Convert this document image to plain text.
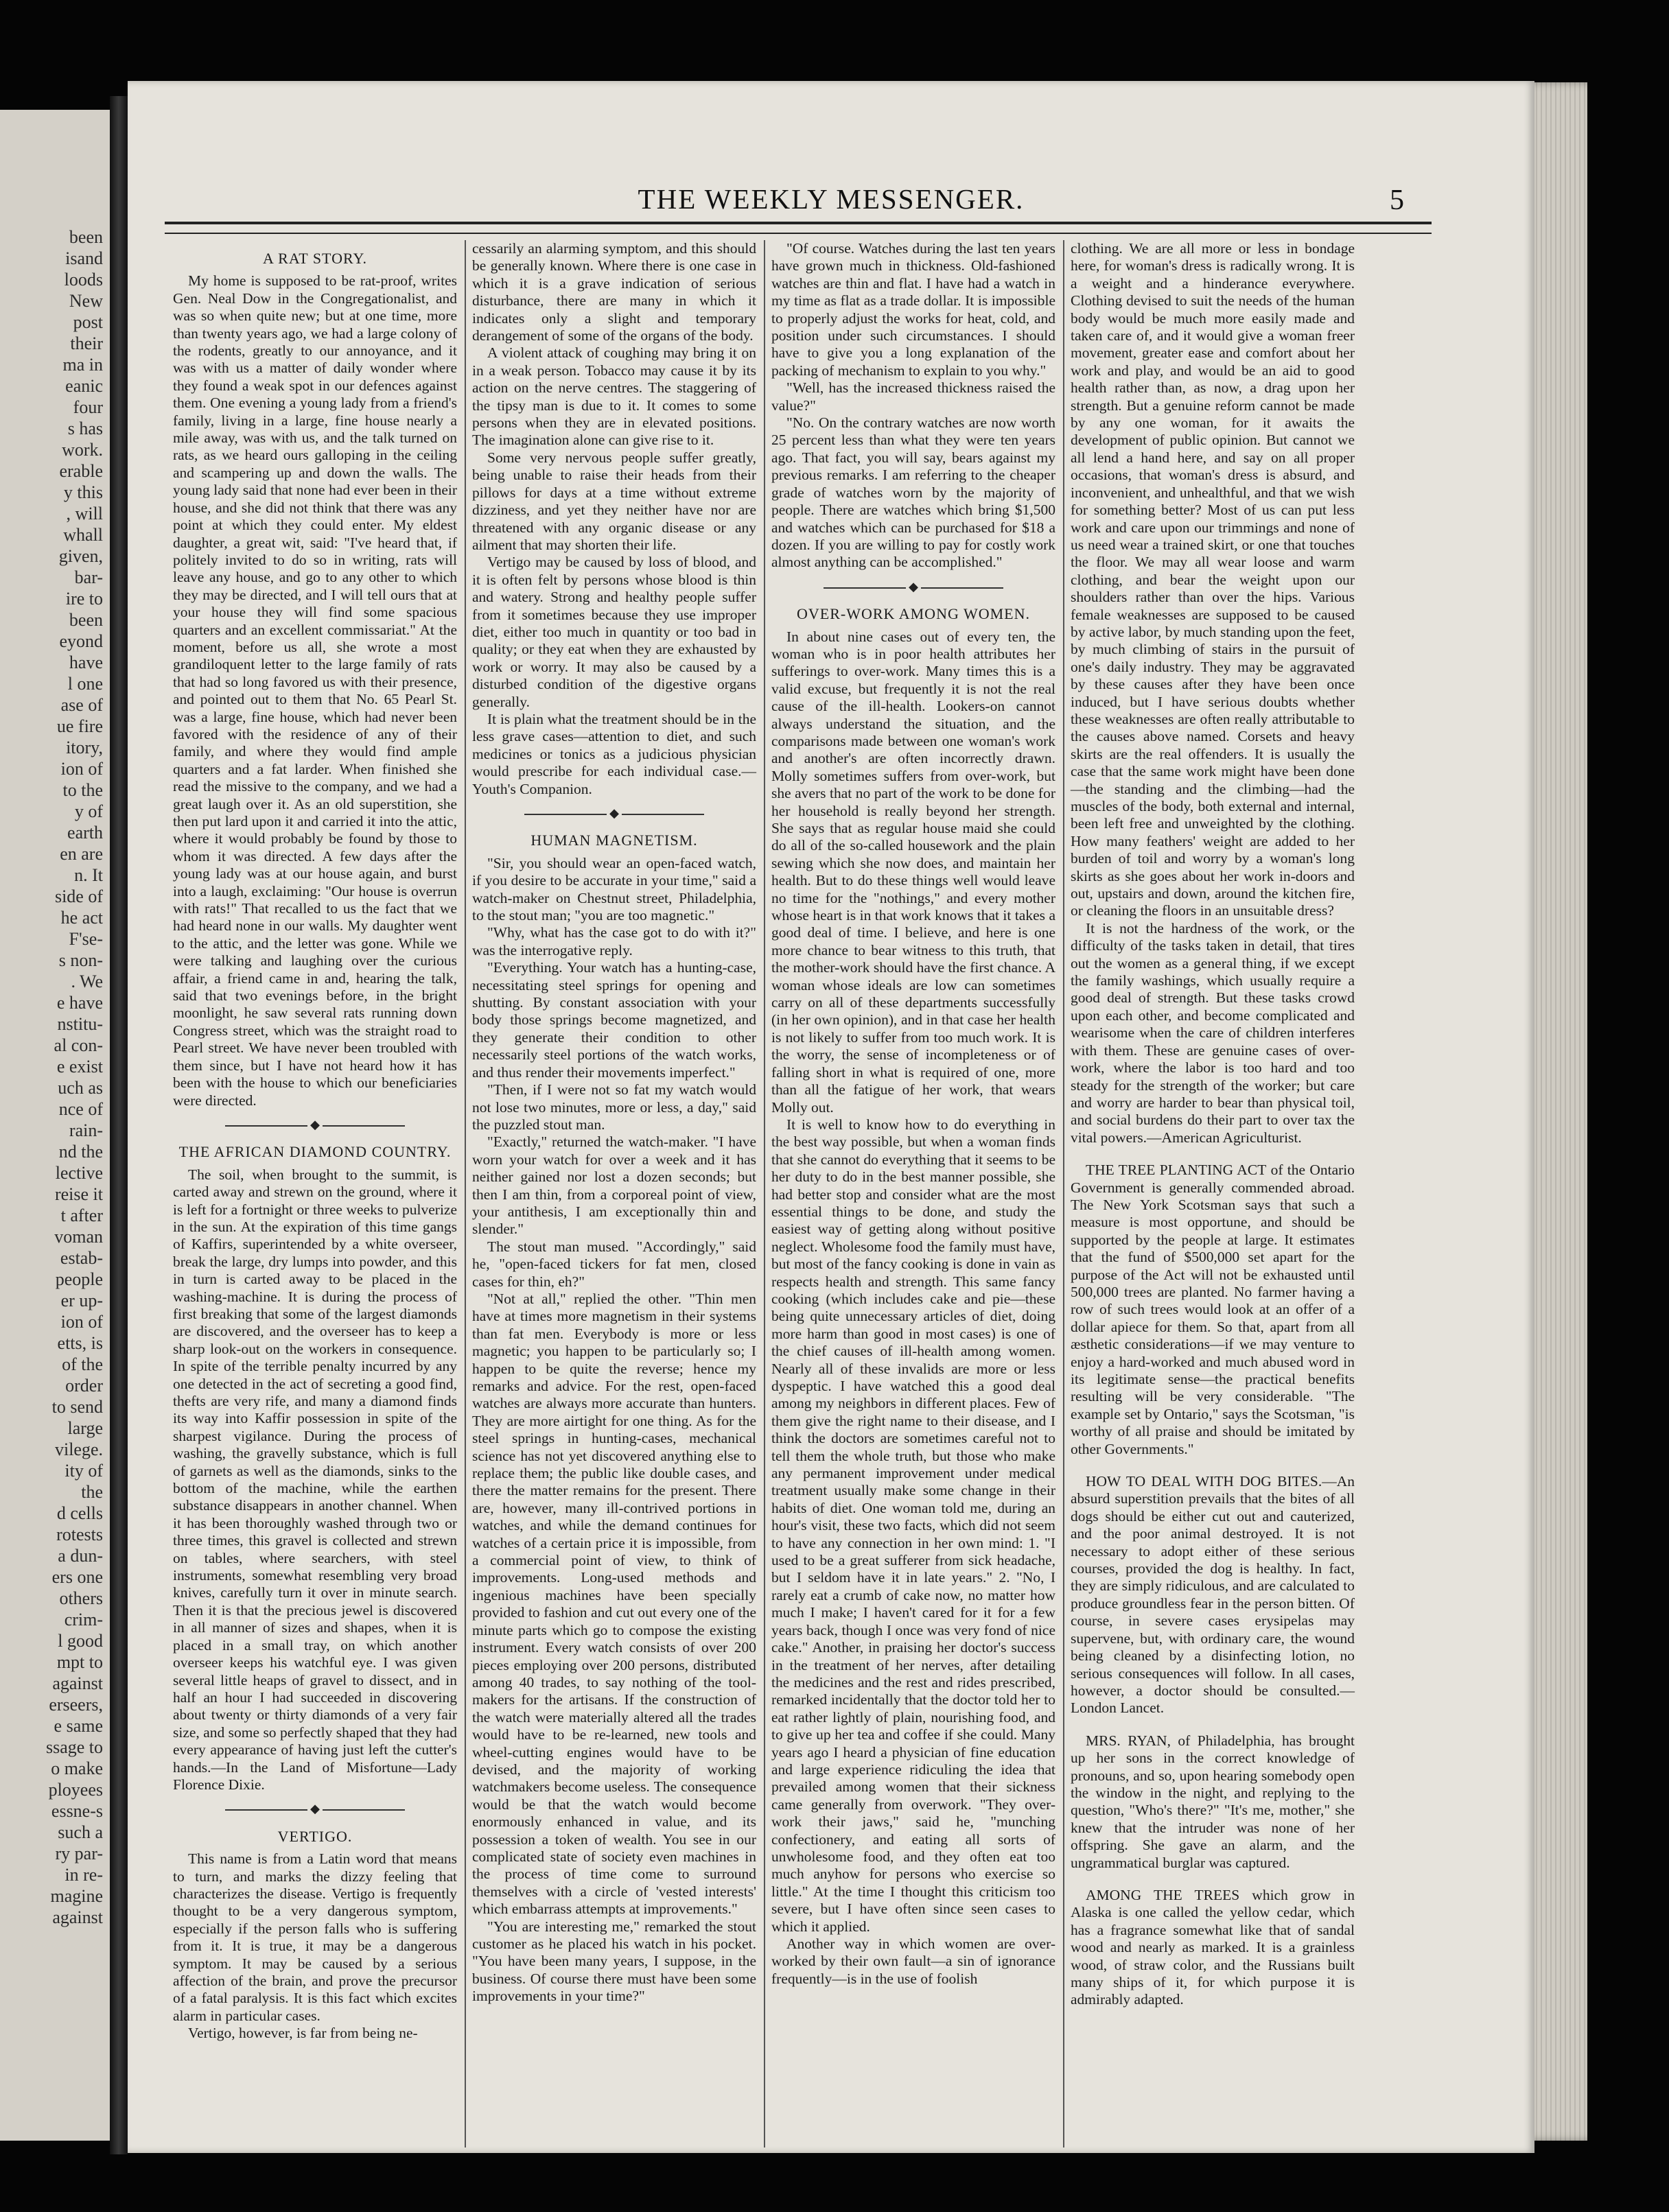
been
isand
loods
New
post
their
ma in
eanic
four
s has
work.
erable
y this
, will
whall
given,
bar-
ire to
been
eyond
have
l one
ase of
ue fire
itory,
ion of
to the
y of
earth
en are
n. It
side of
he act
F'se-
s non-
. We
e have
nstitu-
al con-
e exist
uch as
nce of
rain-
nd the
lective
reise it
t after
voman
estab-
people
er up-
ion of
etts, is
of the
order
to send
large
vilege.
ity of
the
d cells
rotests
a dun-
ers one
others
crim-
l good
mpt to
against
erseers,
e same
ssage to
o make
ployees
essne-s
such a
ry par-
in re-
magine
against
THE WEEKLY MESSENGER.	5
A RAT STORY.

My home is supposed to be rat-proof, writes Gen. Neal Dow in the Congregationalist, and was so when quite new; but at one time, more than twenty years ago, we had a large colony of the rodents, greatly to our annoyance, and it was with us a matter of daily wonder where they found a weak spot in our defences against them. One evening a young lady from a friend's family, living in a large, fine house nearly a mile away, was with us, and the talk turned on rats, as we heard ours galloping in the ceiling and scampering up and down the walls. The young lady said that none had ever been in their house, and she did not think that there was any point at which they could enter. My eldest daughter, a great wit, said: "I've heard that, if politely invited to do so in writing, rats will leave any house, and go to any other to which they may be directed, and I will tell ours that at your house they will find some spacious quarters and an excellent commissariat." At the moment, before us all, she wrote a most grandiloquent letter to the large family of rats that had so long favored us with their presence, and pointed out to them that No. 65 Pearl St. was a large, fine house, which had never been favored with the residence of any of their family, and where they would find ample quarters and a fat larder. When finished she read the missive to the company, and we had a great laugh over it. As an old superstition, she then put lard upon it and carried it into the attic, where it would probably be found by those to whom it was directed. A few days after the young lady was at our house again, and burst into a laugh, exclaiming: "Our house is overrun with rats!" That recalled to us the fact that we had heard none in our walls. My daughter went to the attic, and the letter was gone. While we were talking and laughing over the curious affair, a friend came in and, hearing the talk, said that two evenings before, in the bright moonlight, he saw several rats running down Congress street, which was the straight road to Pearl street. We have never been troubled with them since, but I have not heard how it has been with the house to which our beneficiaries were directed.

◆
THE AFRICAN DIAMOND COUNTRY.

The soil, when brought to the summit, is carted away and strewn on the ground, where it is left for a fortnight or three weeks to pulverize in the sun. At the expiration of this time gangs of Kaffirs, superintended by a white overseer, break the large, dry lumps into powder, and this in turn is carted away to be placed in the washing-machine. It is during the process of first breaking that some of the largest diamonds are discovered, and the overseer has to keep a sharp look-out on the workers in consequence. In spite of the terrible penalty incurred by any one detected in the act of secreting a good find, thefts are very rife, and many a diamond finds its way into Kaffir possession in spite of the sharpest vigilance. During the process of washing, the gravelly substance, which is full of garnets as well as the diamonds, sinks to the bottom of the machine, while the earthen substance disappears in another channel. When it has been thoroughly washed through two or three times, this gravel is collected and strewn on tables, where searchers, with steel instruments, somewhat resembling very broad knives, carefully turn it over in minute search. Then it is that the precious jewel is discovered in all manner of sizes and shapes, when it is placed in a small tray, on which another overseer keeps his watchful eye. I was given several little heaps of gravel to dissect, and in half an hour I had succeeded in discovering about twenty or thirty diamonds of a very fair size, and some so perfectly shaped that they had every appearance of having just left the cutter's hands.—In the Land of Misfortune—Lady Florence Dixie.

◆
VERTIGO.

This name is from a Latin word that means to turn, and marks the dizzy feeling that characterizes the disease. Vertigo is frequently thought to be a very dangerous symptom, especially if the person falls who is suffering from it. It is true, it may be a dangerous symptom. It may be caused by a serious affection of the brain, and prove the precursor of a fatal paralysis. It is this fact which excites alarm in particular cases.

Vertigo, however, is far from being ne-

cessarily an alarming symptom, and this should be generally known. Where there is one case in which it is a grave indication of serious disturbance, there are many in which it indicates only a slight and temporary derangement of some of the organs of the body.

A violent attack of coughing may bring it on in a weak person. Tobacco may cause it by its action on the nerve centres. The staggering of the tipsy man is due to it. It comes to some persons when they are in elevated positions. The imagination alone can give rise to it.

Some very nervous people suffer greatly, being unable to raise their heads from their pillows for days at a time without extreme dizziness, and yet they neither have nor are threatened with any organic disease or any ailment that may shorten their life.

Vertigo may be caused by loss of blood, and it is often felt by persons whose blood is thin and watery. Strong and healthy people suffer from it sometimes because they use improper diet, either too much in quantity or too bad in quality; or they eat when they are exhausted by work or worry. It may also be caused by a disturbed condition of the digestive organs generally.

It is plain what the treatment should be in the less grave cases—attention to diet, and such medicines or tonics as a judicious physician would prescribe for each individual case.—Youth's Companion.

◆
HUMAN MAGNETISM.

"Sir, you should wear an open-faced watch, if you desire to be accurate in your time," said a watch-maker on Chestnut street, Philadelphia, to the stout man; "you are too magnetic."

"Why, what has the case got to do with it?" was the interrogative reply.

"Everything. Your watch has a hunting-case, necessitating steel springs for opening and shutting. By constant association with your body those springs become magnetized, and they generate their condition to other necessarily steel portions of the watch works, and thus render their movements imperfect."

"Then, if I were not so fat my watch would not lose two minutes, more or less, a day," said the puzzled stout man.

"Exactly," returned the watch-maker. "I have worn your watch for over a week and it has neither gained nor lost a dozen seconds; but then I am thin, from a corporeal point of view, your antithesis, I am exceptionally thin and slender."

The stout man mused. "Accordingly," said he, "open-faced tickers for fat men, closed cases for thin, eh?"

"Not at all," replied the other. "Thin men have at times more magnetism in their systems than fat men. Everybody is more or less magnetic; you happen to be particularly so; I happen to be quite the reverse; hence my remarks and advice. For the rest, open-faced watches are always more accurate than hunters. They are more airtight for one thing. As for the steel springs in hunting-cases, mechanical science has not yet discovered anything else to replace them; the public like double cases, and there the matter remains for the present. There are, however, many ill-contrived portions in watches, and while the demand continues for watches of a certain price it is impossible, from a commercial point of view, to think of improvements. Long-used methods and ingenious machines have been specially provided to fashion and cut out every one of the minute parts which go to compose the existing instrument. Every watch consists of over 200 pieces employing over 200 persons, distributed among 40 trades, to say nothing of the tool-makers for the artisans. If the construction of the watch were materially altered all the trades would have to be re-learned, new tools and wheel-cutting engines would have to be devised, and the majority of working watchmakers become useless. The consequence would be that the watch would become enormously enhanced in value, and its possession a token of wealth. You see in our complicated state of society even machines in the process of time come to surround themselves with a circle of 'vested interests' which embarrass attempts at improvements."

"You are interesting me," remarked the stout customer as he placed his watch in his pocket. "You have been many years, I suppose, in the business. Of course there must have been some improvements in your time?"

"Of course. Watches during the last ten years have grown much in thickness. Old-fashioned watches are thin and flat. I have had a watch in my time as flat as a trade dollar. It is impossible to properly adjust the works for heat, cold, and position under such circumstances. I should have to give you a long explanation of the packing of mechanism to explain to you why."

"Well, has the increased thickness raised the value?"

"No. On the contrary watches are now worth 25 percent less than what they were ten years ago. That fact, you will say, bears against my previous remarks. I am referring to the cheaper grade of watches worn by the majority of people. There are watches which bring $1,500 and watches which can be purchased for $18 a dozen. If you are willing to pay for costly work almost anything can be accomplished."

◆
OVER-WORK AMONG WOMEN.

In about nine cases out of every ten, the woman who is in poor health attributes her sufferings to over-work. Many times this is a valid excuse, but frequently it is not the real cause of the ill-health. Lookers-on cannot always understand the situation, and the comparisons made between one woman's work and another's are often incorrectly drawn. Molly sometimes suffers from over-work, but she avers that no part of the work to be done for her household is really beyond her strength. She says that as regular house maid she could do all of the so-called housework and the plain sewing which she now does, and maintain her health. But to do these things well would leave no time for the "nothings," and every mother whose heart is in that work knows that it takes a good deal of time. I believe, and here is one more chance to bear witness to this truth, that the mother-work should have the first chance. A woman whose ideals are low can sometimes carry on all of these departments successfully (in her own opinion), and in that case her health is not likely to suffer from too much work. It is the worry, the sense of incompleteness or of falling short in what is required of one, more than all the fatigue of her work, that wears Molly out.

It is well to know how to do everything in the best way possible, but when a woman finds that she cannot do everything that it seems to be her duty to do in the best manner possible, she had better stop and consider what are the most essential things to be done, and study the easiest way of getting along without positive neglect. Wholesome food the family must have, but most of the fancy cooking is done in vain as respects health and strength. This same fancy cooking (which includes cake and pie—these being quite unnecessary articles of diet, doing more harm than good in most cases) is one of the chief causes of ill-health among women. Nearly all of these invalids are more or less dyspeptic. I have watched this a good deal among my neighbors in different places. Few of them give the right name to their disease, and I think the doctors are sometimes careful not to tell them the whole truth, but those who make any permanent improvement under medical treatment usually make some change in their habits of diet. One woman told me, during an hour's visit, these two facts, which did not seem to have any connection in her own mind: 1. "I used to be a great sufferer from sick headache, but I seldom have it in late years." 2. "No, I rarely eat a crumb of cake now, no matter how much I make; I haven't cared for it for a few years back, though I once was very fond of nice cake." Another, in praising her doctor's success in the treatment of her nerves, after detailing the medicines and the rest and rides prescribed, remarked incidentally that the doctor told her to eat rather lightly of plain, nourishing food, and to give up her tea and coffee if she could. Many years ago I heard a physician of fine education and large experience ridiculing the idea that prevailed among women that their sickness came generally from overwork. "They over-work their jaws," said he, "munching confectionery, and eating all sorts of unwholesome food, and they often eat too much anyhow for persons who exercise so little." At the time I thought this criticism too severe, but I have often since seen cases to which it applied.

Another way in which women are over-worked by their own fault—a sin of ignorance frequently—is in the use of foolish

clothing. We are all more or less in bondage here, for woman's dress is radically wrong. It is a weight and a hinderance everywhere. Clothing devised to suit the needs of the human body would be much more easily made and taken care of, and it would give a woman freer movement, greater ease and comfort about her work and play, and would be an aid to good health rather than, as now, a drag upon her strength. But a genuine reform cannot be made by any one woman, for it awaits the development of public opinion. But cannot we all lend a hand here, and say on all proper occasions, that woman's dress is absurd, and inconvenient, and unhealthful, and that we wish for something better? Most of us can put less work and care upon our trimmings and none of us need wear a trained skirt, or one that touches the floor. We may all wear loose and warm clothing, and bear the weight upon our shoulders rather than over the hips. Various female weaknesses are supposed to be caused by active labor, by much standing upon the feet, by much climbing of stairs in the pursuit of one's daily industry. They may be aggravated by these causes after they have been once induced, but I have serious doubts whether these weaknesses are often really attributable to the causes above named. Corsets and heavy skirts are the real offenders. It is usually the case that the same work might have been done—the standing and the climbing—had the muscles of the body, both external and internal, been left free and unweighted by the clothing. How many feathers' weight are added to her burden of toil and worry by a woman's long skirts as she goes about her work in-doors and out, upstairs and down, around the kitchen fire, or cleaning the floors in an unsuitable dress?

It is not the hardness of the work, or the difficulty of the tasks taken in detail, that tires out the women as a general thing, if we except the family washings, which usually require a good deal of strength. But these tasks crowd upon each other, and become complicated and wearisome when the care of children interferes with them. These are genuine cases of over-work, where the labor is too hard and too steady for the strength of the worker; but care and worry are harder to bear than physical toil, and social burdens do their part to over tax the vital powers.—American Agriculturist.

THE TREE PLANTING ACT of the Ontario Government is generally commended abroad. The New York Scotsman says that such a measure is most opportune, and should be supported by the people at large. It estimates that the fund of $500,000 set apart for the purpose of the Act will not be exhausted until 500,000 trees are planted. No farmer having a row of such trees would look at an offer of a dollar apiece for them. So that, apart from all æsthetic considerations—if we may venture to enjoy a hard-worked and much abused word in its legitimate sense—the practical benefits resulting will be very considerable. "The example set by Ontario," says the Scotsman, "is worthy of all praise and should be imitated by other Governments."

HOW TO DEAL WITH DOG BITES.—An absurd superstition prevails that the bites of all dogs should be either cut out and cauterized, and the poor animal destroyed. It is not necessary to adopt either of these serious courses, provided the dog is healthy. In fact, they are simply ridiculous, and are calculated to produce groundless fear in the person bitten. Of course, in severe cases erysipelas may supervene, but, with ordinary care, the wound being cleaned by a disinfecting lotion, no serious consequences will follow. In all cases, however, a doctor should be consulted.—London Lancet.

MRS. RYAN, of Philadelphia, has brought up her sons in the correct knowledge of pronouns, and so, upon hearing somebody open the window in the night, and replying to the question, "Who's there?" "It's me, mother," she knew that the intruder was none of her offspring. She gave an alarm, and the ungrammatical burglar was captured.

AMONG THE TREES which grow in Alaska is one called the yellow cedar, which has a fragrance somewhat like that of sandal wood and nearly as marked. It is a grainless wood, of straw color, and the Russians built many ships of it, for which purpose it is admirably adapted.
